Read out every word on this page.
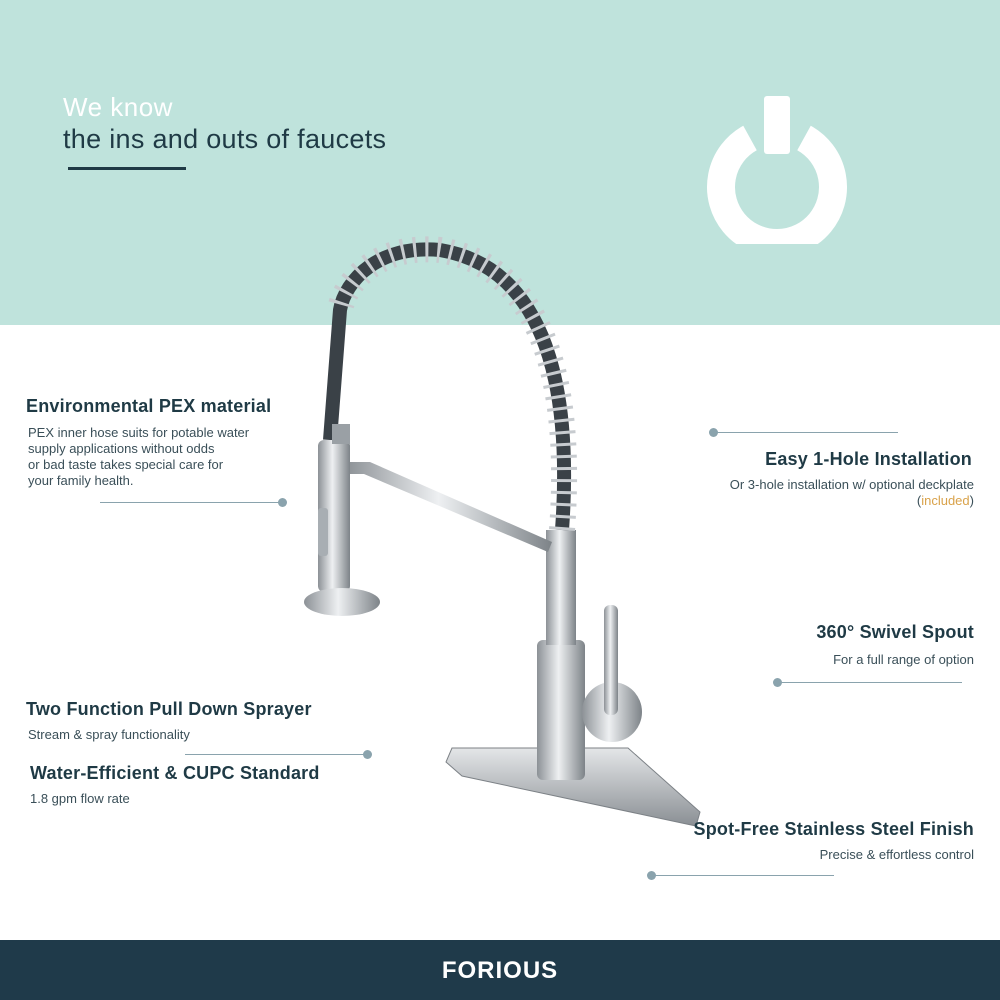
We know
the ins and outs of faucets
Environmental PEX material
PEX inner hose suits for potable water
supply applications without odds
or bad taste takes special care for
your family health.
Easy 1-Hole Installation
Or 3-hole installation w/ optional deckplate
(included)
360° Swivel Spout
For a full range of option
Two Function Pull Down Sprayer
Stream & spray functionality
Water-Efficient & CUPC Standard
1.8 gpm flow rate
Spot-Free Stainless Steel Finish
Precise & effortless control
FORIOUS
